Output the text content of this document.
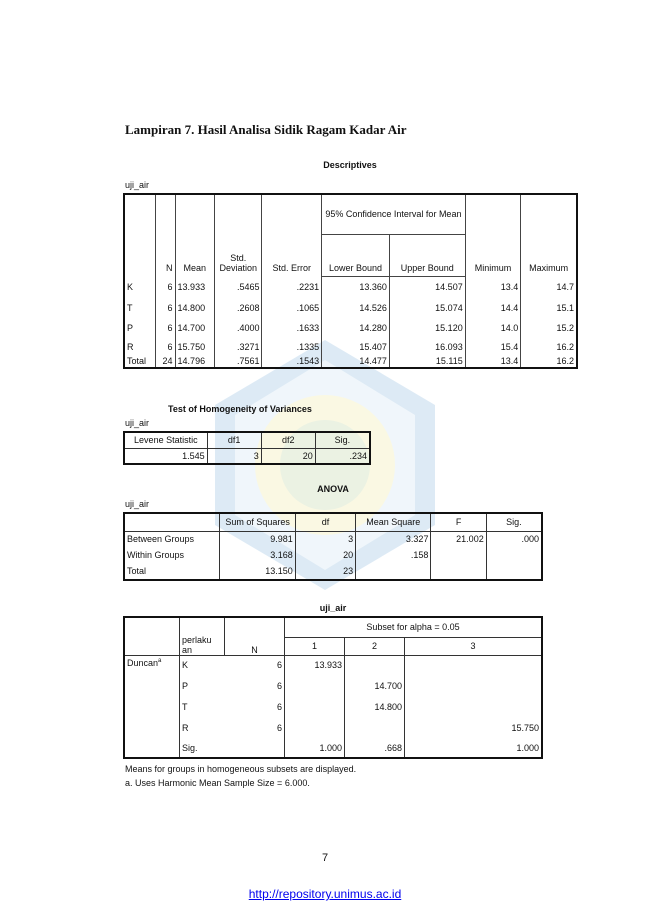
Lampiran 7. Hasil Analisa Sidik Ragam Kadar Air
Descriptives
uji_air
	N	Mean	Std. Deviation	Std. Error	95% Confidence Interval for Mean		Minimum	Maximum
					Lower Bound	Upper Bound		
K	6	13.933	.5465	.2231	13.360	14.507	13.4	14.7
T	6	14.800	.2608	.1065	14.526	15.074	14.4	15.1
P	6	14.700	.4000	.1633	14.280	15.120	14.0	15.2
R	6	15.750	.3271	.1335	15.407	16.093	15.4	16.2
Total	24	14.796	.7561	.1543	14.477	15.115	13.4	16.2
Test of Homogeneity of Variances
uji_air
Levene Statistic	df1	df2	Sig.
1.545	3	20	.234
ANOVA
uji_air
	Sum of Squares	df	Mean Square	F	Sig.
Between Groups	9.981	3	3.327	21.002	.000
Within Groups	3.168	20	.158		
Total	13.150	23			
uji_air
	perlakuan	N	Subset for alpha = 0.05		
			1	2	3
Duncan$^a$	K	6	13.933		
	P	6		14.700	
	T	6		14.800	
	R	6			15.750
	Sig.		1.000	.668	1.000
Means for groups in homogeneous subsets are displayed.
a. Uses Harmonic Mean Sample Size = 6.000.
7
http://repository.unimus.ac.id
